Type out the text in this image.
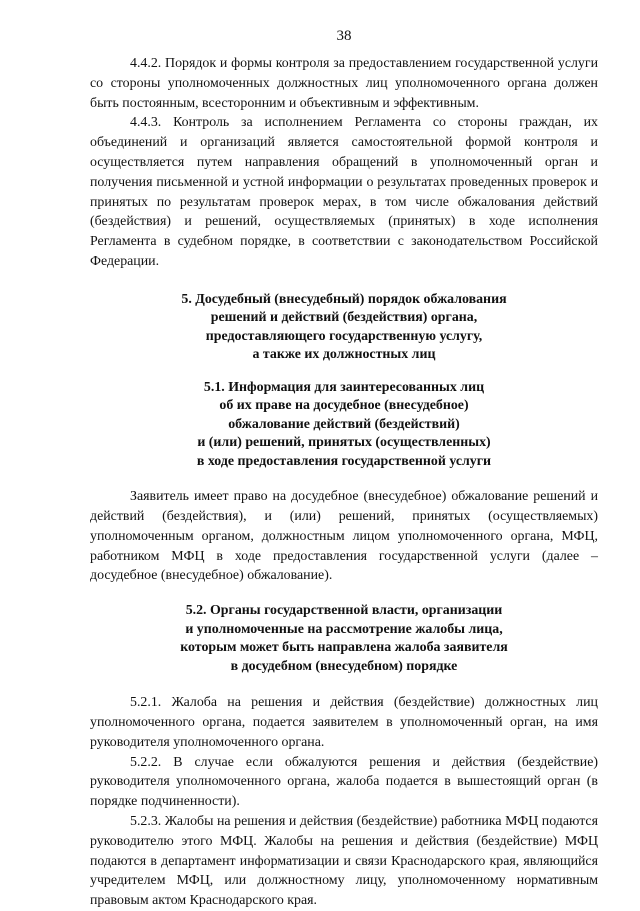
38

4.4.2. Порядок и формы контроля за предоставлением государственной услуги со стороны уполномоченных должностных лиц уполномоченного органа должен быть постоянным, всесторонним и объективным и эффективным.

4.4.3. Контроль за исполнением Регламента со стороны граждан, их объединений и организаций является самостоятельной формой контроля и осуществляется путем направления обращений в уполномоченный орган и получения письменной и устной информации о результатах проведенных проверок и принятых по результатам проверок мерах, в том числе обжалования действий (бездействия) и решений, осуществляемых (принятых) в ходе исполнения Регламента в судебном порядке, в соответствии с законодательством Российской Федерации.

5. Досудебный (внесудебный) порядок обжалования
решений и действий (бездействия) органа,
предоставляющего государственную услугу,
а также их должностных лиц
5.1. Информация для заинтересованных лиц
об их праве на досудебное (внесудебное)
обжалование действий (бездействий)
и (или) решений, принятых (осуществленных)
в ходе предоставления государственной услуги

Заявитель имеет право на досудебное (внесудебное) обжалование решений и действий (бездействия), и (или) решений, принятых (осуществляемых) уполномоченным органом, должностным лицом уполномоченного органа, МФЦ, работником МФЦ в ходе предоставления государственной услуги (далее – досудебное (внесудебное) обжалование).

5.2. Органы государственной власти, организации
и уполномоченные на рассмотрение жалобы лица,
которым может быть направлена жалоба заявителя
в досудебном (внесудебном) порядке

5.2.1. Жалоба на решения и действия (бездействие) должностных лиц уполномоченного органа, подается заявителем в уполномоченный орган, на имя руководителя уполномоченного органа.

5.2.2. В случае если обжалуются решения и действия (бездействие) руководителя уполномоченного органа, жалоба подается в вышестоящий орган (в порядке подчиненности).

5.2.3. Жалобы на решения и действия (бездействие) работника МФЦ подаются руководителю этого МФЦ. Жалобы на решения и действия (бездействие) МФЦ подаются в департамент информатизации и связи Краснодарского края, являющийся учредителем МФЦ, или должностному лицу, уполномоченному нормативным правовым актом Краснодарского края.
